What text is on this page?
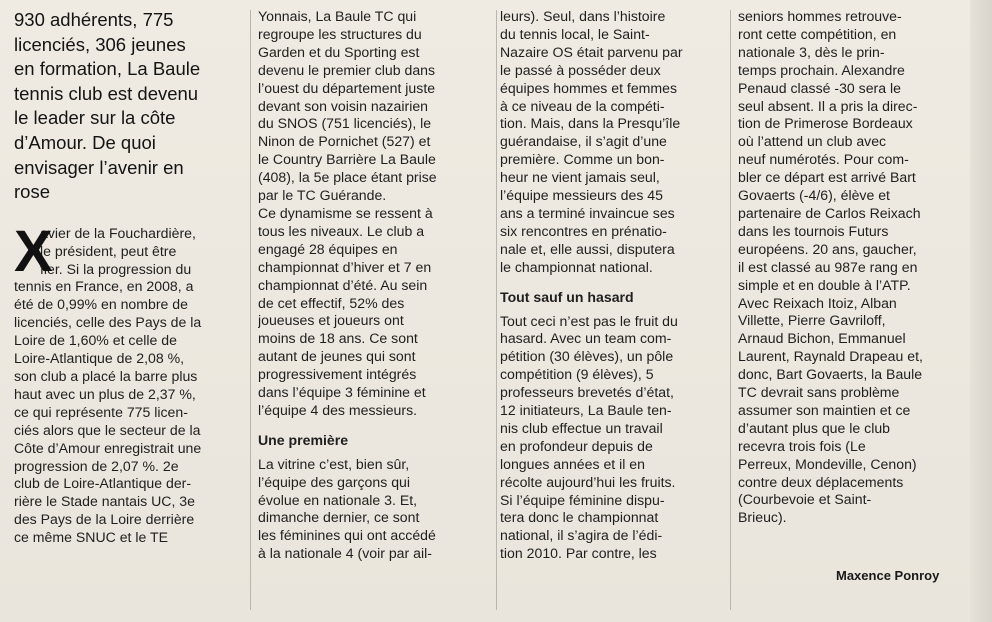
930 adhérents, 775

licenciés, 306 jeunes

en formation, La Baule

tennis club est devenu

le leader sur la côte

d’Amour. De quoi

envisager l’avenir en

rose

X

avier de la Fouchardière,

le président, peut être

fier. Si la progression du

tennis en France, en 2008, a

été de 0,99% en nombre de

licenciés, celle des Pays de la

Loire de 1,60% et celle de

Loire-Atlantique de 2,08 %,

son club a placé la barre plus

haut avec un plus de 2,37 %,

ce qui représente 775 licen-

ciés alors que le secteur de la

Côte d’Amour enregistrait une

progression de 2,07 %. 2e

club de Loire-Atlantique der-

rière le Stade nantais UC, 3e

des Pays de la Loire derrière

ce même SNUC et le TE

Yonnais, La Baule TC qui

regroupe les structures du

Garden et du Sporting est

devenu le premier club dans

l’ouest du département juste

devant son voisin nazairien

du SNOS (751 licenciés), le

Ninon de Pornichet (527) et

le Country Barrière La Baule

(408), la 5e place étant prise

par le TC Guérande.

Ce dynamisme se ressent à

tous les niveaux. Le club a

engagé 28 équipes en

championnat d’hiver et 7 en

championnat d’été. Au sein

de cet effectif, 52% des

joueuses et joueurs ont

moins de 18 ans. Ce sont

autant de jeunes qui sont

progressivement intégrés

dans l’équipe 3 féminine et

l’équipe 4 des messieurs.

Une première

La vitrine c’est, bien sûr,

l’équipe des garçons qui

évolue en nationale 3. Et,

dimanche dernier, ce sont

les féminines qui ont accédé

à la nationale 4 (voir par ail-

leurs). Seul, dans l’histoire

du tennis local, le Saint-

Nazaire OS était parvenu par

le passé à posséder deux

équipes hommes et femmes

à ce niveau de la compéti-

tion. Mais, dans la Presqu’île

guérandaise, il s’agit d’une

première. Comme un bon-

heur ne vient jamais seul,

l’équipe messieurs des 45

ans a terminé invaincue ses

six rencontres en prénatio-

nale et, elle aussi, disputera

le championnat national.

Tout sauf un hasard

Tout ceci n’est pas le fruit du

hasard. Avec un team com-

pétition (30 élèves), un pôle

compétition (9 élèves), 5

professeurs brevetés d’état,

12 initiateurs, La Baule ten-

nis club effectue un travail

en profondeur depuis de

longues années et il en

récolte aujourd’hui les fruits.

Si l’équipe féminine dispu-

tera donc le championnat

national, il s’agira de l’édi-

tion 2010. Par contre, les

seniors hommes retrouve-

ront cette compétition, en

nationale 3, dès le prin-

temps prochain. Alexandre

Penaud classé -30 sera le

seul absent. Il a pris la direc-

tion de Primerose Bordeaux

où l’attend un club avec

neuf numérotés. Pour com-

bler ce départ est arrivé Bart

Govaerts (-4/6), élève et

partenaire de Carlos Reixach

dans les tournois Futurs

européens. 20 ans, gaucher,

il est classé au 987e rang en

simple et en double à l’ATP.

Avec Reixach Itoiz, Alban

Villette, Pierre Gavriloff,

Arnaud Bichon, Emmanuel

Laurent, Raynald Drapeau et,

donc, Bart Govaerts, la Baule

TC devrait sans problème

assumer son maintien et ce

d’autant plus que le club

recevra trois fois (Le

Perreux, Mondeville, Cenon)

contre deux déplacements

(Courbevoie et Saint-

Brieuc).

Maxence Ponroy
